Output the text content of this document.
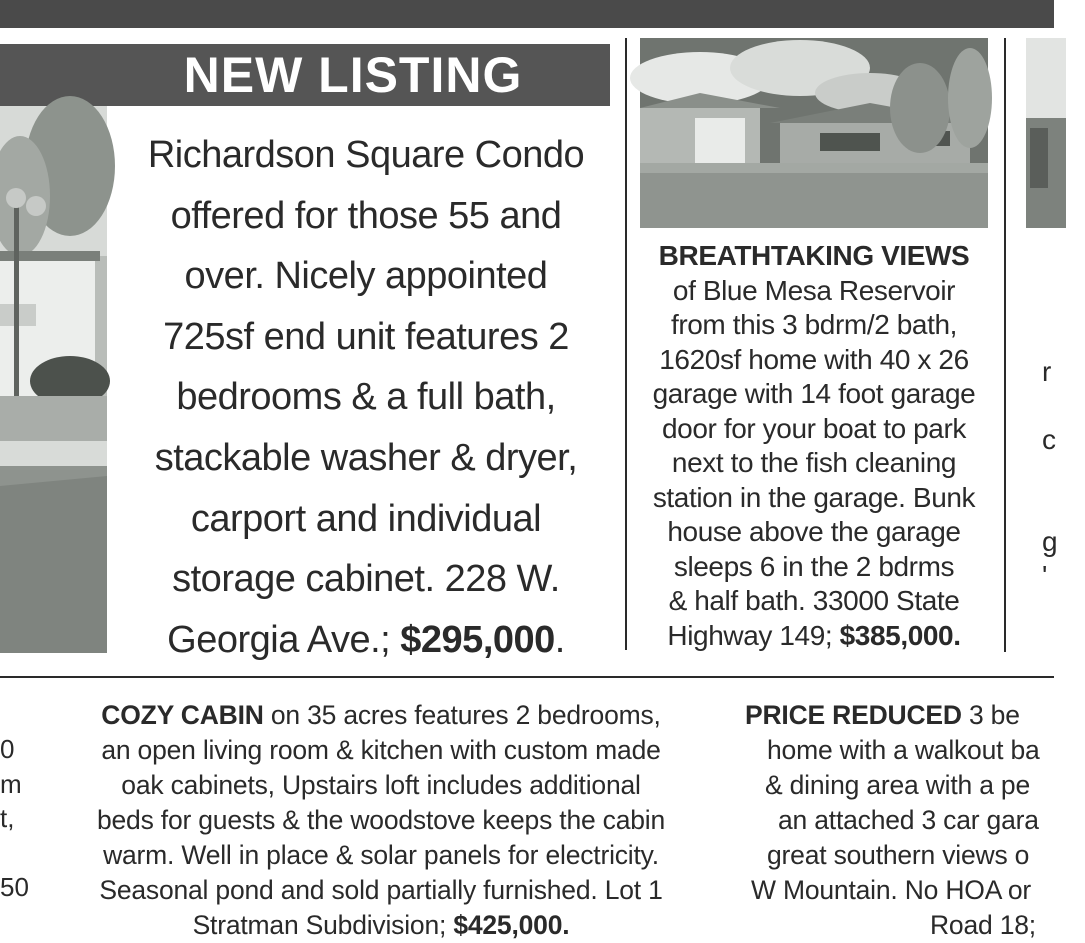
NEW LISTING
Richardson Square Condo
offered for those 55 and
over. Nicely appointed
725sf end unit features 2
bedrooms & a full bath,
stackable washer & dryer,
carport and individual
storage cabinet. 228 W.
Georgia Ave.; $295,000.
BREATHTAKING VIEWS
of Blue Mesa Reservoir
from this 3 bdrm/2 bath,
1620sf home with 40 x 26
garage with 14 foot garage
door for your boat to park
next to the fish cleaning
station in the garage. Bunk
house above the garage
sleeps 6 in the 2 bdrms
& half bath. 33000 State
Highway 149; $385,000.
r

c

g
'
0
m
t,

50
COZY CABIN on 35 acres features 2 bedrooms,
an open living room & kitchen with custom made
oak cabinets, Upstairs loft includes additional
beds for guests & the woodstove keeps the cabin
warm. Well in place & solar panels for electricity.
Seasonal pond and sold partially furnished. Lot 1
Stratman Subdivision; $425,000.
PRICE REDUCED 3 be
home with a walkout ba
& dining area with a pe
an attached 3 car gara
great southern views o
W Mountain. No HOA or
Road 18;
